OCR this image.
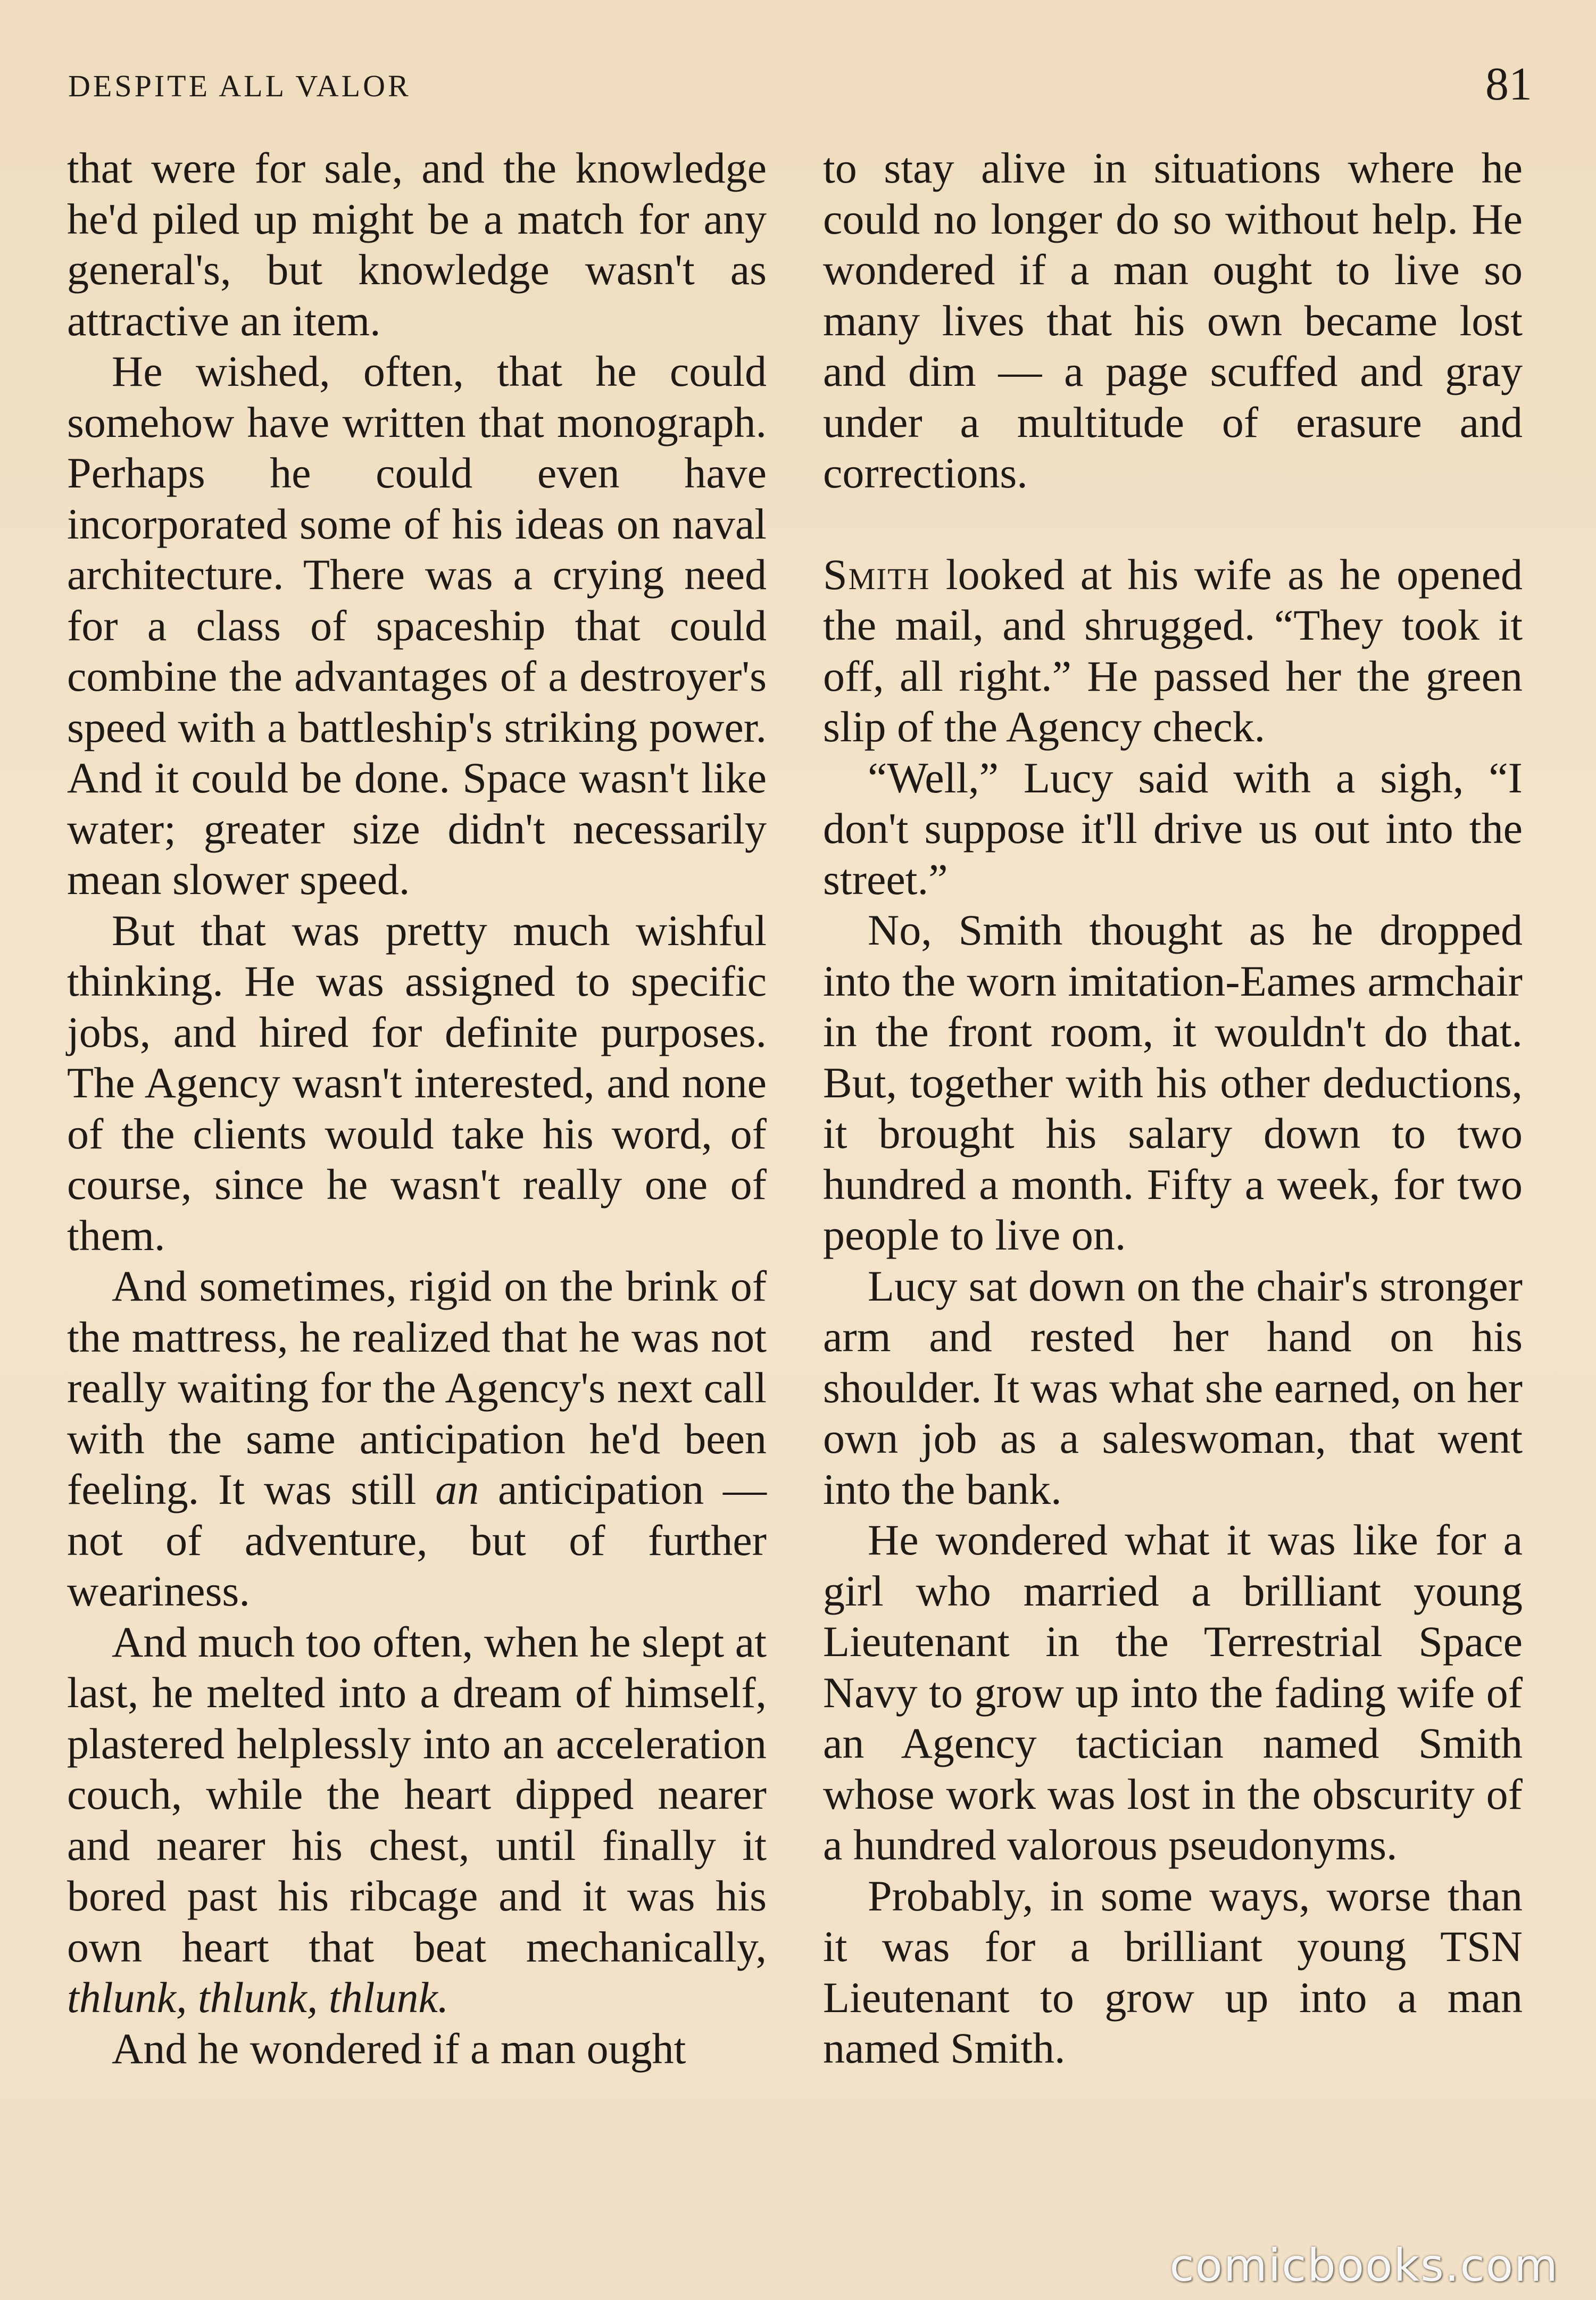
DESPITE ALL VALOR	81

that were for sale, and the knowledge he'd piled up might be a match for any general's, but knowledge wasn't as attractive an item.

He wished, often, that he could somehow have written that monograph. Perhaps he could even have incorporated some of his ideas on naval architecture. There was a crying need for a class of spaceship that could combine the advantages of a destroyer's speed with a battleship's striking power. And it could be done. Space wasn't like water; greater size didn't necessarily mean slower speed.

But that was pretty much wishful thinking. He was assigned to specific jobs, and hired for definite purposes. The Agency wasn't interested, and none of the clients would take his word, of course, since he wasn't really one of them.

And sometimes, rigid on the brink of the mattress, he realized that he was not really waiting for the Agency's next call with the same anticipation he'd been feeling. It was still an anticipation — not of adventure, but of further weariness.

And much too often, when he slept at last, he melted into a dream of himself, plastered helplessly into an acceleration couch, while the heart dipped nearer and nearer his chest, until finally it bored past his ribcage and it was his own heart that beat mechanically, thlunk, thlunk, thlunk.

And he wondered if a man ought

to stay alive in situations where he could no longer do so without help. He wondered if a man ought to live so many lives that his own became lost and dim — a page scuffed and gray under a multitude of erasure and corrections.

Smith looked at his wife as he opened the mail, and shrugged. “They took it off, all right.” He passed her the green slip of the Agency check.

“Well,” Lucy said with a sigh, “I don't suppose it'll drive us out into the street.”

No, Smith thought as he dropped into the worn imitation-Eames armchair in the front room, it wouldn't do that. But, together with his other deductions, it brought his salary down to two hundred a month. Fifty a week, for two people to live on.

Lucy sat down on the chair's stronger arm and rested her hand on his shoulder. It was what she earned, on her own job as a saleswoman, that went into the bank.

He wondered what it was like for a girl who married a brilliant young Lieutenant in the Terrestrial Space Navy to grow up into the fading wife of an Agency tactician named Smith whose work was lost in the obscurity of a hundred valorous pseudonyms.

Probably, in some ways, worse than it was for a brilliant young TSN Lieutenant to grow up into a man named Smith.

comicbooks.com
